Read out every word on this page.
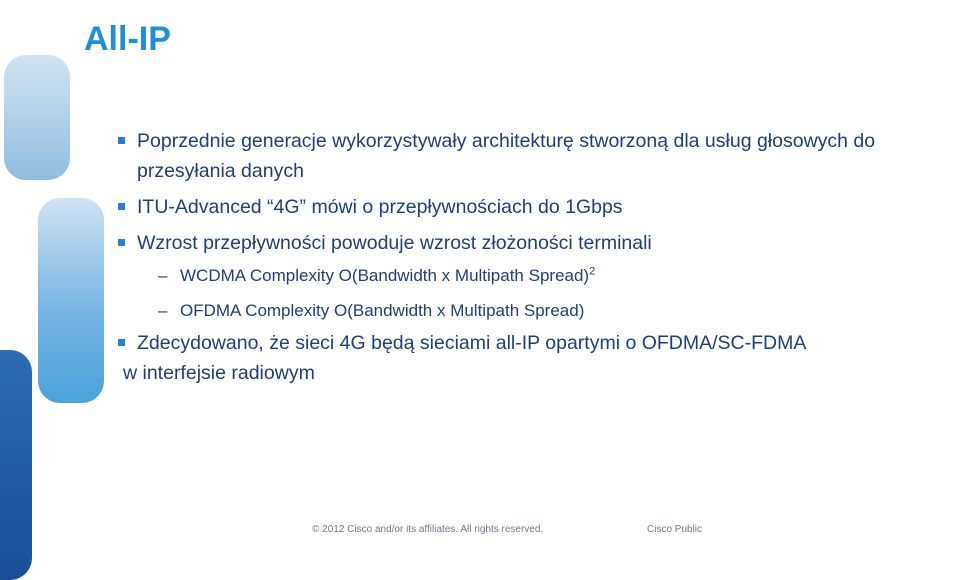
All-IP
Poprzednie generacje wykorzystywały architekturę stworzoną dla usług głosowych do przesyłania danych
ITU-Advanced “4G” mówi o przepływnościach do 1Gbps
Wzrost przepływności powoduje wzrost złożoności terminali
– WCDMA Complexity O(Bandwidth x Multipath Spread)$^2$
– OFDMA Complexity O(Bandwidth x Multipath Spread)
Zdecydowano, że sieci 4G będą sieciami all-IP opartymi o OFDMA/SC-FDMA
w interfejsie radiowym
© 2012 Cisco and/or its affiliates. All rights reserved.	Cisco Public
